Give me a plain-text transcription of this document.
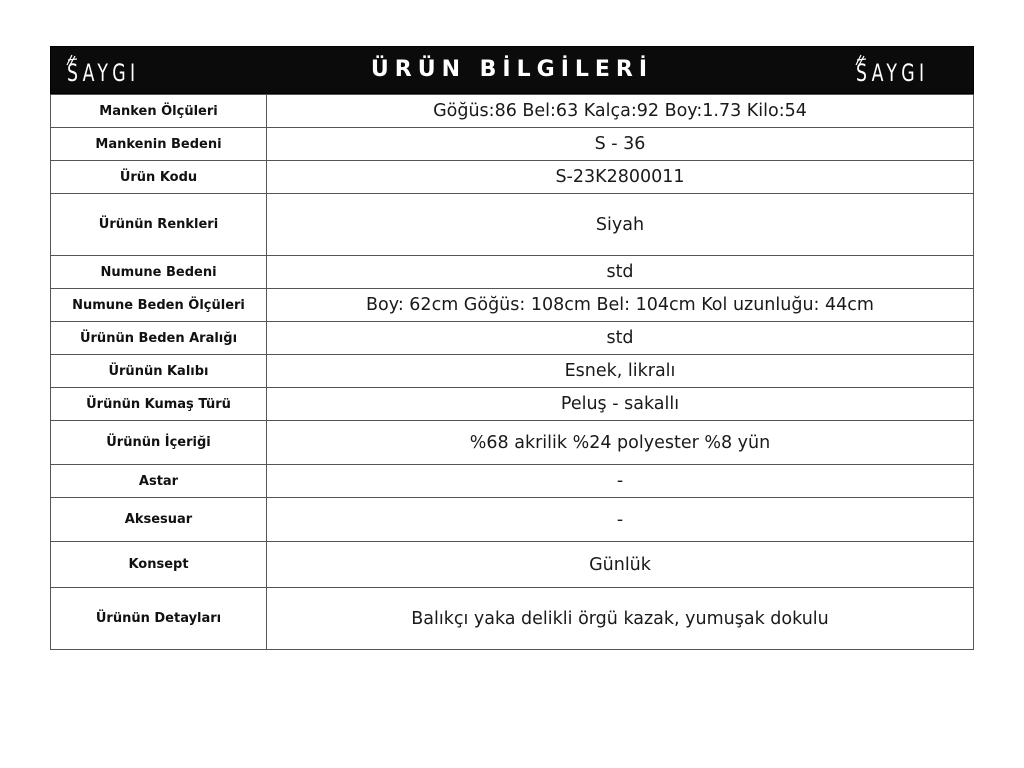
SAYGI	ÜRÜN BİLGİLERİ	SAYGI
Manken Ölçüleri	Göğüs:86 Bel:63 Kalça:92 Boy:1.73 Kilo:54
Mankenin Bedeni	S - 36
Ürün Kodu	S-23K2800011
Ürünün Renkleri	Siyah
Numune Bedeni	std
Numune Beden Ölçüleri	Boy: 62cm Göğüs: 108cm Bel: 104cm Kol uzunluğu: 44cm
Ürünün Beden Aralığı	std
Ürünün Kalıbı	Esnek, likralı
Ürünün Kumaş Türü	Peluş - sakallı
Ürünün İçeriği	%68 akrilik %24 polyester %8 yün
Astar	-
Aksesuar	-
Konsept	Günlük
Ürünün Detayları	Balıkçı yaka delikli örgü kazak, yumuşak dokulu
